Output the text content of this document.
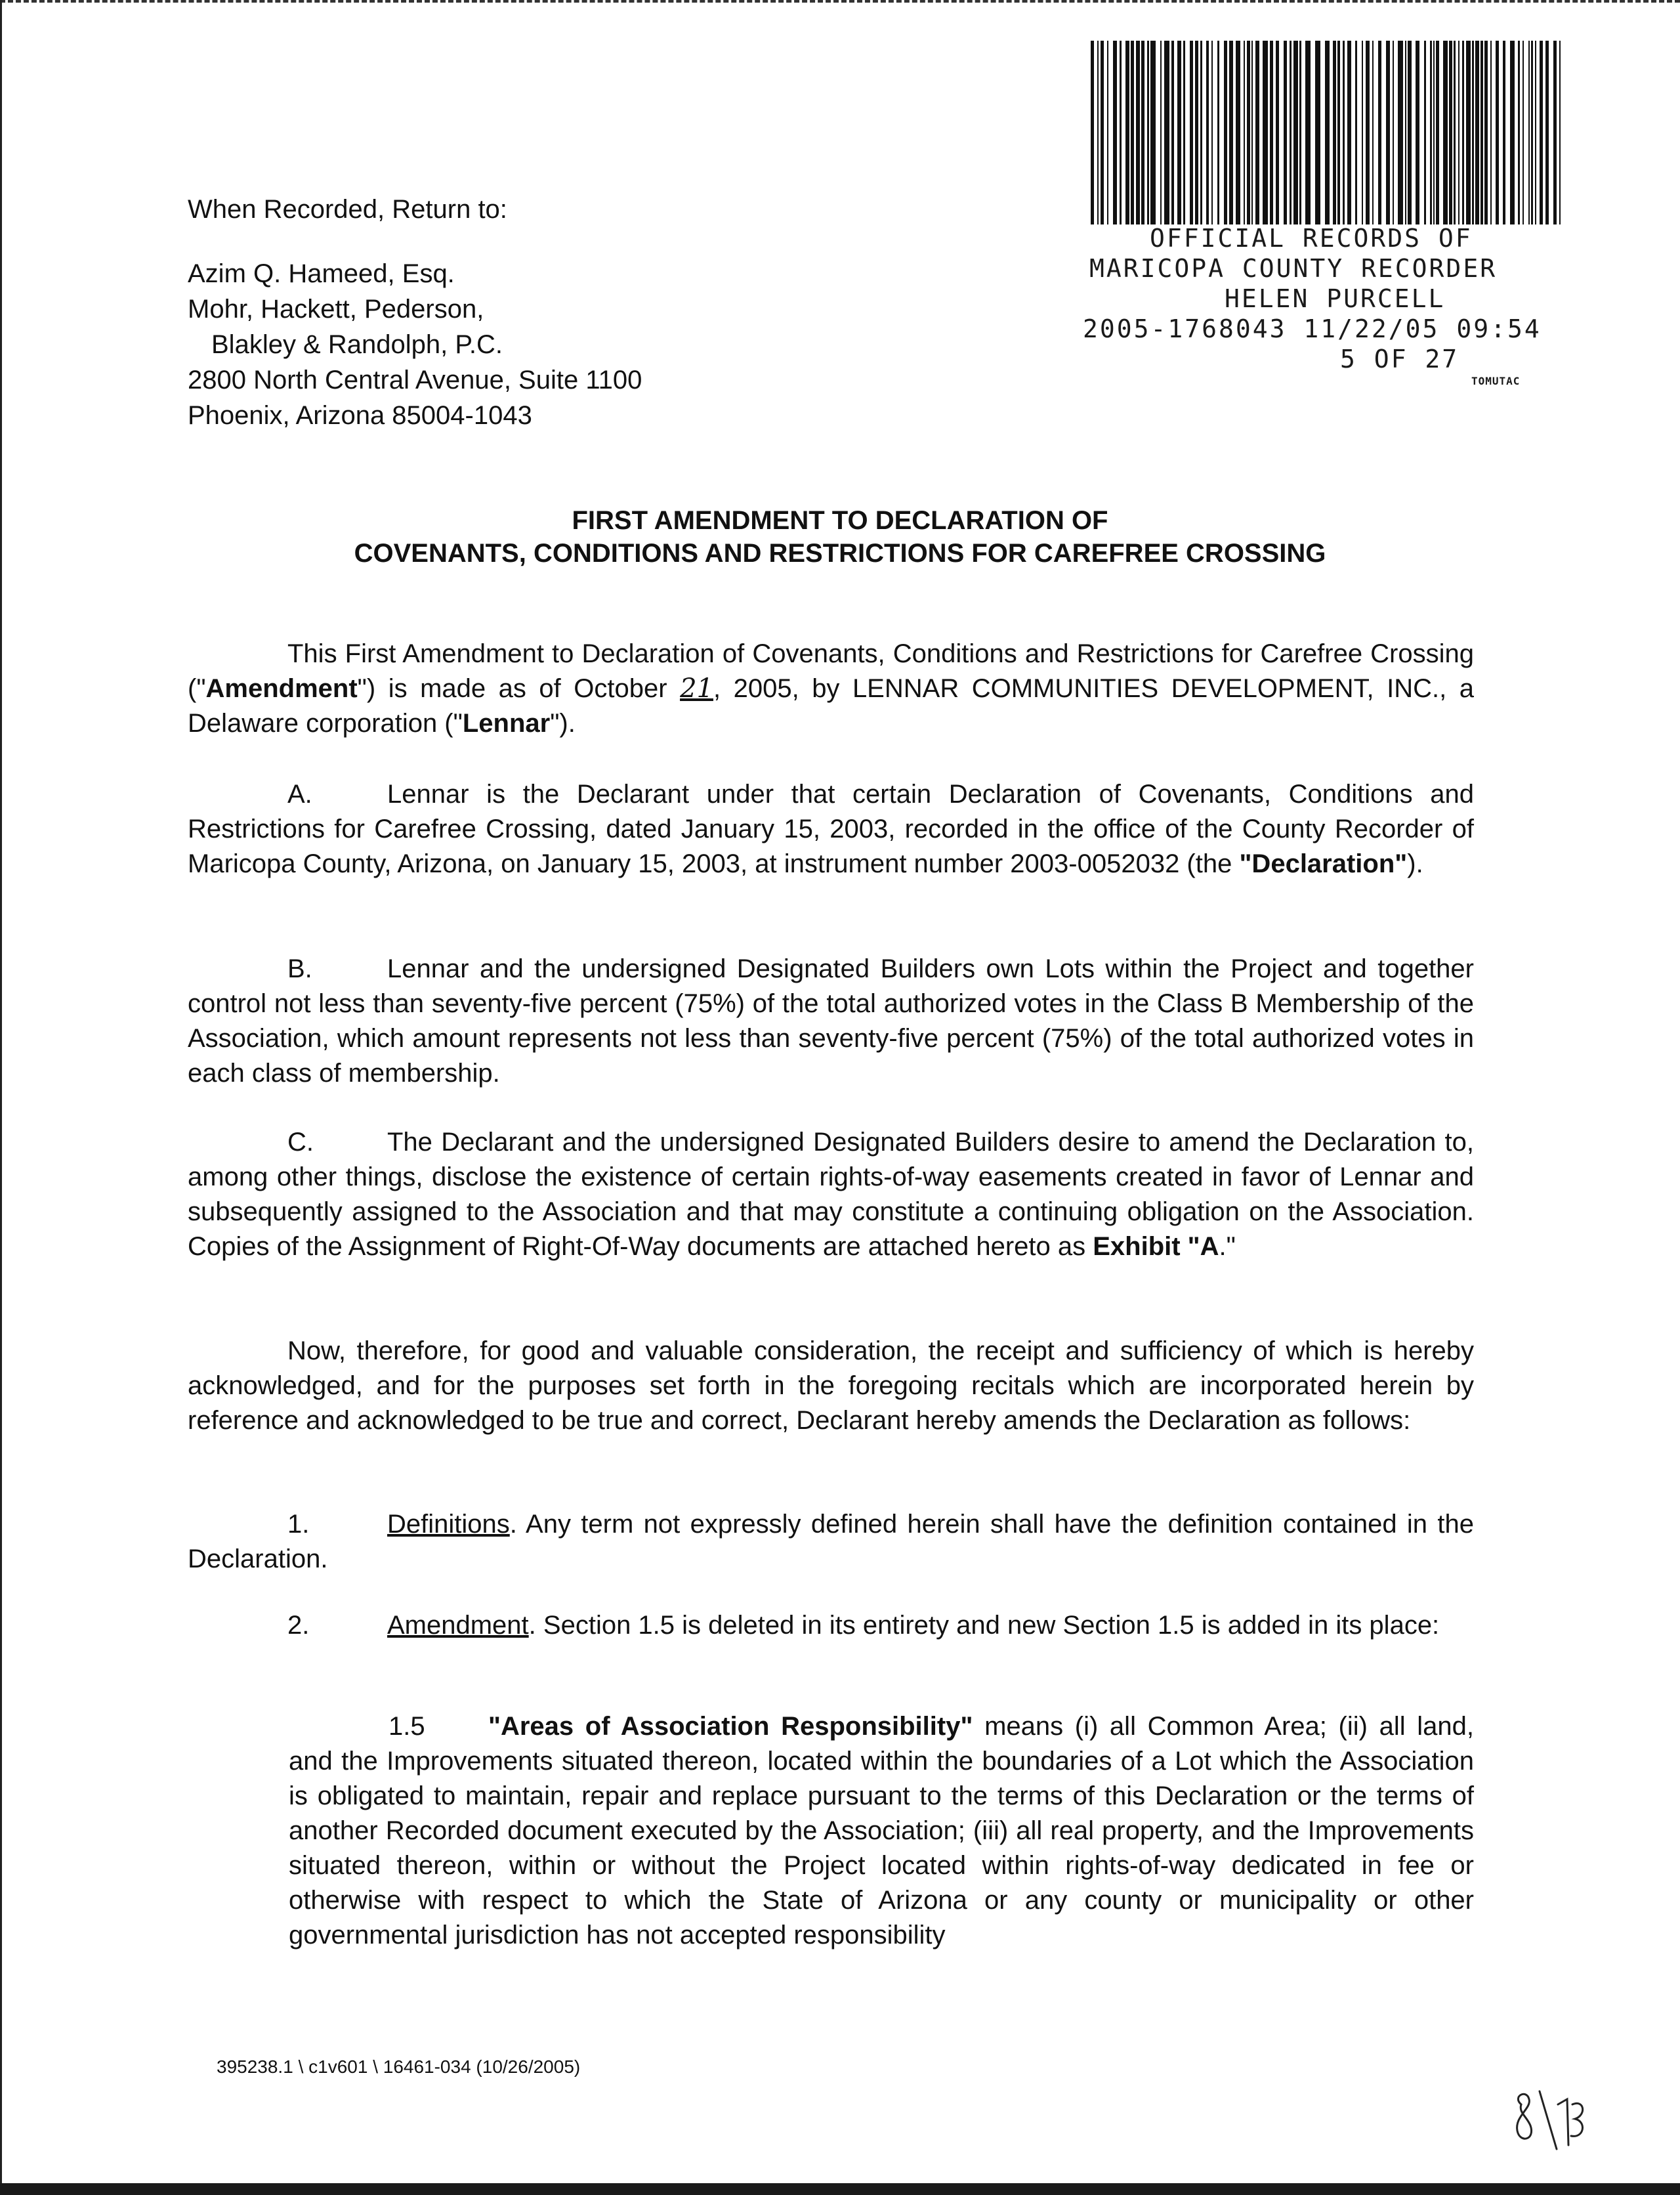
When Recorded, Return to:
Azim Q. Hameed, Esq.
Mohr, Hackett, Pederson,
Blakley & Randolph, P.C.
2800 North Central Avenue, Suite 1100
Phoenix, Arizona 85004-1043
OFFICIAL RECORDS OF
MARICOPA COUNTY RECORDER
HELEN PURCELL
2005-1768043 11/22/05 09:54
5 OF 27
TOMUTAC
FIRST AMENDMENT TO DECLARATION OF
COVENANTS, CONDITIONS AND RESTRICTIONS FOR CAREFREE CROSSING
This First Amendment to Declaration of Covenants, Conditions and Restrictions for Carefree Crossing ("Amendment") is made as of October 21, 2005, by LENNAR COMMUNITIES DEVELOPMENT, INC., a Delaware corporation ("Lennar").
A.	Lennar is the Declarant under that certain Declaration of Covenants, Conditions and Restrictions for Carefree Crossing, dated January 15, 2003, recorded in the office of the County Recorder of Maricopa County, Arizona, on January 15, 2003, at instrument number 2003-0052032 (the "Declaration").
B.	Lennar and the undersigned Designated Builders own Lots within the Project and together control not less than seventy-five percent (75%) of the total authorized votes in the Class B Membership of the Association, which amount represents not less than seventy-five percent (75%) of the total authorized votes in each class of membership.
C.	The Declarant and the undersigned Designated Builders desire to amend the Declaration to, among other things, disclose the existence of certain rights-of-way easements created in favor of Lennar and subsequently assigned to the Association and that may constitute a continuing obligation on the Association. Copies of the Assignment of Right-Of-Way documents are attached hereto as Exhibit "A."
Now, therefore, for good and valuable consideration, the receipt and sufficiency of which is hereby acknowledged, and for the purposes set forth in the foregoing recitals which are incorporated herein by reference and acknowledged to be true and correct, Declarant hereby amends the Declaration as follows:
1.	Definitions. Any term not expressly defined herein shall have the definition contained in the Declaration.
2.	Amendment. Section 1.5 is deleted in its entirety and new Section 1.5 is added in its place:
1.5 "Areas of Association Responsibility" means (i) all Common Area; (ii) all land, and the Improvements situated thereon, located within the boundaries of a Lot which the Association is obligated to maintain, repair and replace pursuant to the terms of this Declaration or the terms of another Recorded document executed by the Association; (iii) all real property, and the Improvements situated thereon, within or without the Project located within rights-of-way dedicated in fee or otherwise with respect to which the State of Arizona or any county or municipality or other governmental jurisdiction has not accepted responsibility
395238.1 \ c1v601 \ 16461-034 (10/26/2005)
